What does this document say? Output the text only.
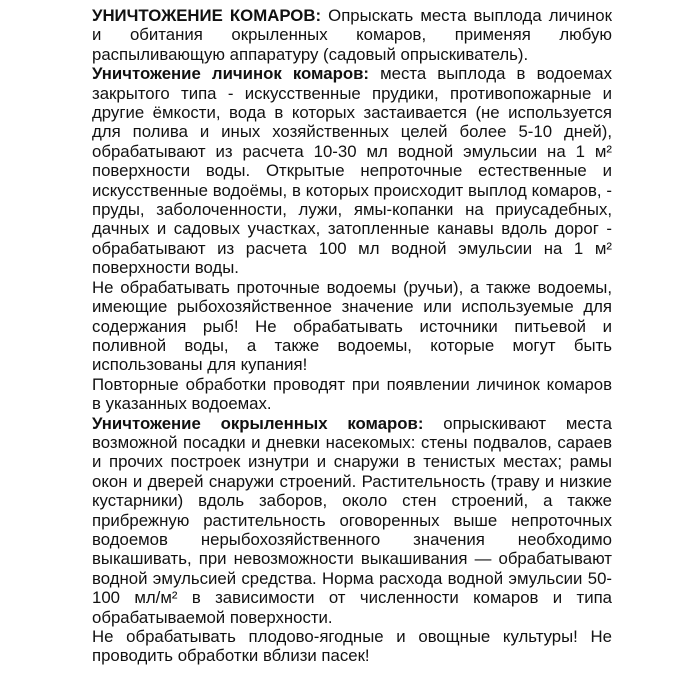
УНИЧТОЖЕНИЕ КОМАРОВ: Опрыскать места выплода личинок и обитания окрыленных комаров, применяя любую распыливающую аппаратуру (садовый опрыскиватель).

Уничтожение личинок комаров: места выплода в водоемах закрытого типа - искусственные прудики, противопожарные и другие ёмкости, вода в которых застаивается (не используется для полива и иных хозяйственных целей более 5-10 дней), обрабатывают из расчета 10-30 мл водной эмульсии на 1 м² поверхности воды. Открытые непроточные естественные и искусственные водоёмы, в которых происходит выплод комаров, - пруды, заболоченности, лужи, ямы-копанки на приусадебных, дачных и садовых участках, затопленные канавы вдоль дорог - обрабатывают из расчета 100 мл водной эмульсии на 1 м² поверхности воды.

Не обрабатывать проточные водоемы (ручьи), а также водоемы, имеющие рыбохозяйственное значение или используемые для содержания рыб! Не обрабатывать источники питьевой и поливной воды, а также водоемы, которые могут быть использованы для купания!

Повторные обработки проводят при появлении личинок комаров в указанных водоемах.

Уничтожение окрыленных комаров: опрыскивают места возможной посадки и дневки насекомых: стены подвалов, сараев и прочих построек изнутри и снаружи в тенистых местах; рамы окон и дверей снаружи строений. Растительность (траву и низкие кустарники) вдоль заборов, около стен строений, а также прибрежную растительность оговоренных выше непроточных водоемов нерыбохозяйственного значения необходимо выкашивать, при невозможности выкашивания — обрабатывают водной эмульсией средства. Норма расхода водной эмульсии 50-100 мл/м² в зависимости от численности комаров и типа обрабатываемой поверхности.

Не обрабатывать плодово-ягодные и овощные культуры! Не проводить обработки вблизи пасек!
